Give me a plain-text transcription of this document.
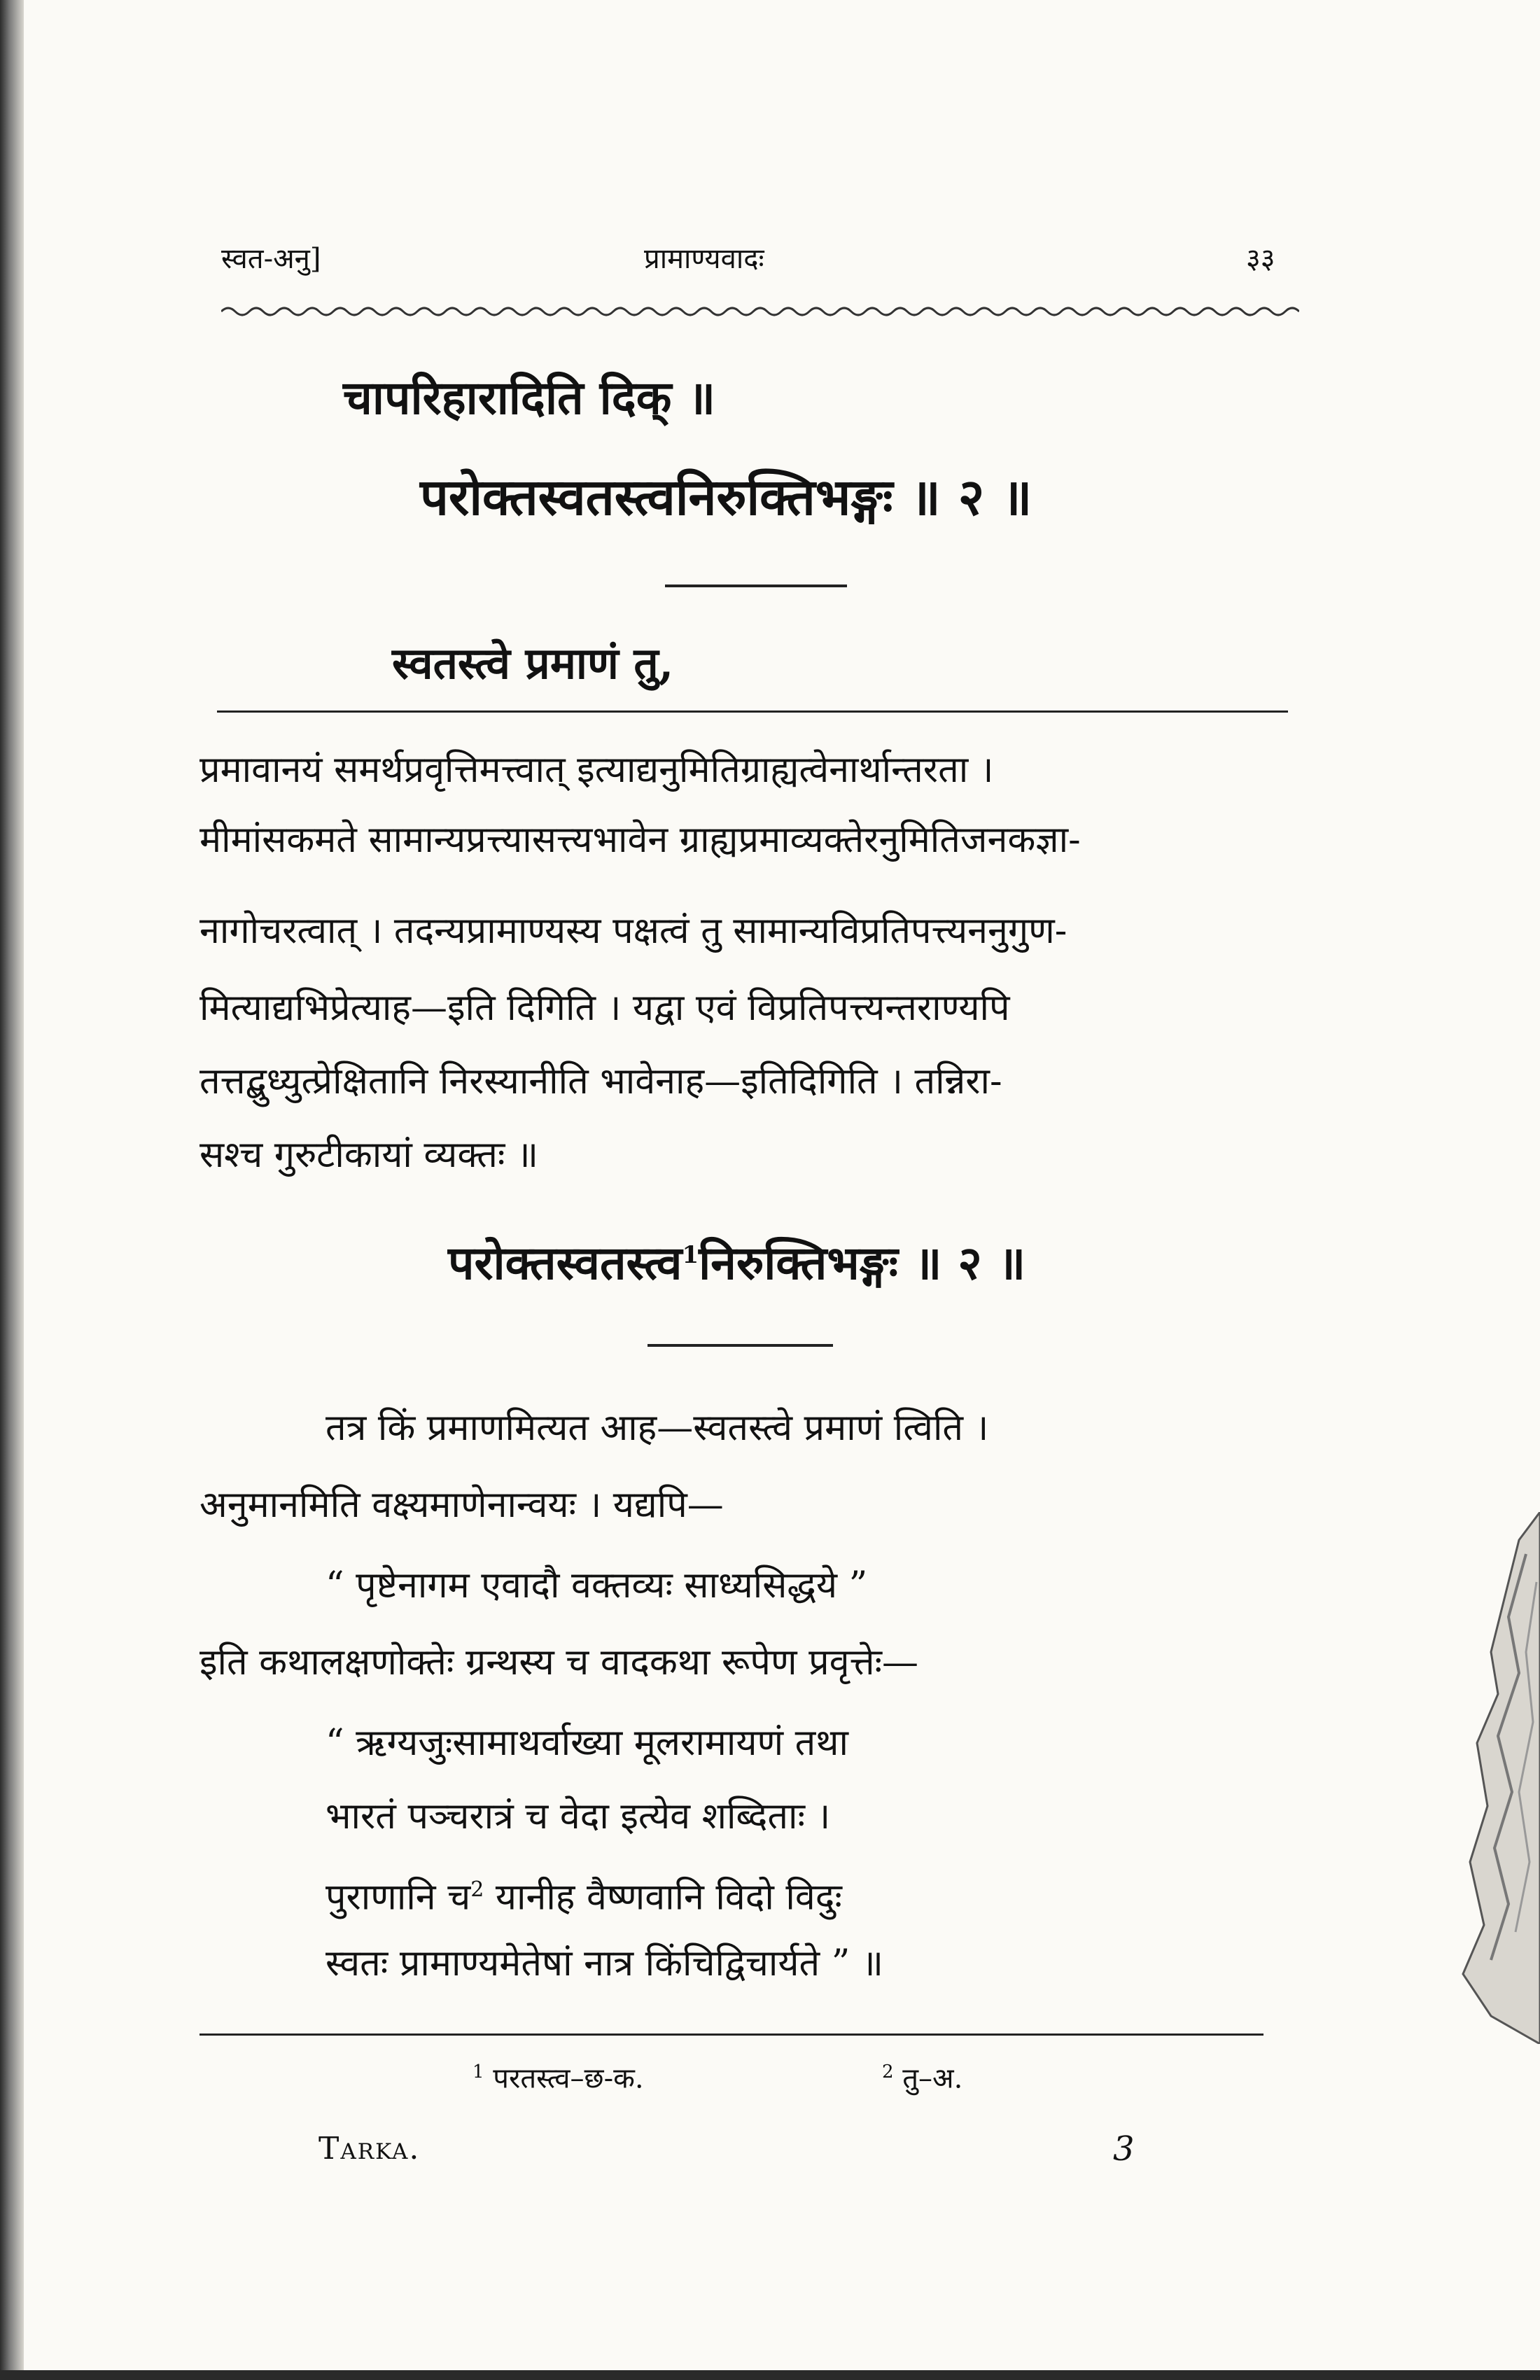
स्वत-अनु]	प्रामाण्यवादः	३३
चापरिहारादिति दिक् ॥
परोक्तस्वतस्त्वनिरुक्तिभङ्गः ॥ २ ॥
स्वतस्त्वे प्रमाणं तु,
प्रमावानयं समर्थप्रवृत्तिमत्त्वात् इत्याद्यनुमितिग्राह्यत्वेनार्थान्तरता ।
मीमांसकमते सामान्यप्रत्त्यासत्त्यभावेन ग्राह्यप्रमाव्यक्तेरनुमितिजनकज्ञा-
नागोचरत्वात् । तदन्यप्रामाण्यस्य पक्षत्वं तु सामान्यविप्रतिपत्त्यननुगुण-
मित्याद्यभिप्रेत्याह—इति दिगिति । यद्वा एवं विप्रतिपत्त्यन्तराण्यपि
तत्तद्बुध्युत्प्रेक्षितानि निरस्यानीति भावेनाह—इतिदिगिति । तन्निरा-
सश्च गुरुटीकायां व्यक्तः ॥
परोक्तस्वतस्त्व$^1$निरुक्तिभङ्गः ॥ २ ॥
तत्र किं प्रमाणमित्यत आह—स्वतस्त्वे प्रमाणं त्विति ।
अनुमानमिति वक्ष्यमाणेनान्वयः । यद्यपि—
“ पृष्टेनागम एवादौ वक्तव्यः साध्यसिद्धये ”
इति कथालक्षणोक्तेः ग्रन्थस्य च वादकथा रूपेण प्रवृत्तेः—
“ ऋग्यजुःसामाथर्वाख्या मूलरामायणं तथा
भारतं पञ्चरात्रं च वेदा इत्येव शब्दिताः ।
पुराणानि च$^2$ यानीह वैष्णवानि विदो विदुः
स्वतः प्रामाण्यमेतेषां नात्र किंचिद्विचार्यते ” ॥
$^1$ परतस्त्व–छ-क.	$^2$ तु–अ.
Tarka.	3
